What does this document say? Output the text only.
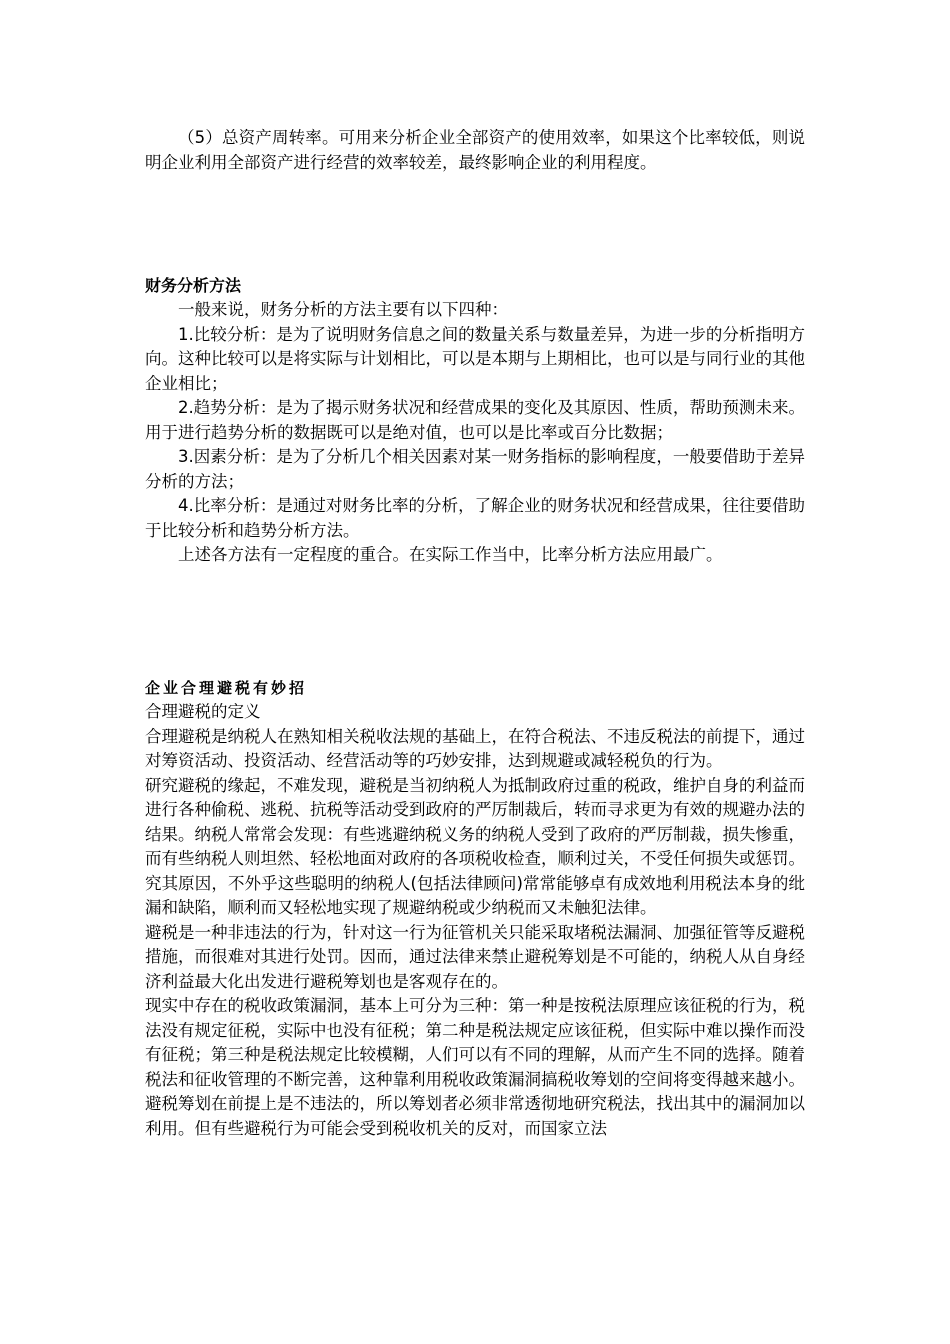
（5）总资产周转率。可用来分析企业全部资产的使用效率，如果这个比率较低，则说明企业利用全部资产进行经营的效率较差，最终影响企业的利用程度。

财务分析方法

一般来说，财务分析的方法主要有以下四种：

1.比较分析：是为了说明财务信息之间的数量关系与数量差异，为进一步的分析指明方向。这种比较可以是将实际与计划相比，可以是本期与上期相比，也可以是与同行业的其他企业相比；

2.趋势分析：是为了揭示财务状况和经营成果的变化及其原因、性质，帮助预测未来。用于进行趋势分析的数据既可以是绝对值，也可以是比率或百分比数据；

3.因素分析：是为了分析几个相关因素对某一财务指标的影响程度，一般要借助于差异分析的方法；

4.比率分析：是通过对财务比率的分析，了解企业的财务状况和经营成果，往往要借助于比较分析和趋势分析方法。

上述各方法有一定程度的重合。在实际工作当中，比率分析方法应用最广。

企业合理避税有妙招

合理避税的定义

合理避税是纳税人在熟知相关税收法规的基础上，在符合税法、不违反税法的前提下，通过对筹资活动、投资活动、经营活动等的巧妙安排，达到规避或减轻税负的行为。

研究避税的缘起，不难发现，避税是当初纳税人为抵制政府过重的税政，维护自身的利益而进行各种偷税、逃税、抗税等活动受到政府的严厉制裁后，转而寻求更为有效的规避办法的结果。纳税人常常会发现：有些逃避纳税义务的纳税人受到了政府的严厉制裁，损失惨重，而有些纳税人则坦然、轻松地面对政府的各项税收检查，顺利过关，不受任何损失或惩罚。究其原因，不外乎这些聪明的纳税人(包括法律顾问)常常能够卓有成效地利用税法本身的纰漏和缺陷，顺利而又轻松地实现了规避纳税或少纳税而又未触犯法律。

避税是一种非违法的行为，针对这一行为征管机关只能采取堵税法漏洞、加强征管等反避税措施，而很难对其进行处罚。因而，通过法律来禁止避税筹划是不可能的，纳税人从自身经济利益最大化出发进行避税筹划也是客观存在的。

现实中存在的税收政策漏洞，基本上可分为三种：第一种是按税法原理应该征税的行为，税法没有规定征税，实际中也没有征税；第二种是税法规定应该征税，但实际中难以操作而没有征税；第三种是税法规定比较模糊，人们可以有不同的理解，从而产生不同的选择。随着税法和征收管理的不断完善，这种靠利用税收政策漏洞搞税收筹划的空间将变得越来越小。

避税筹划在前提上是不违法的，所以筹划者必须非常透彻地研究税法，找出其中的漏洞加以利用。但有些避税行为可能会受到税收机关的反对，而国家立法
